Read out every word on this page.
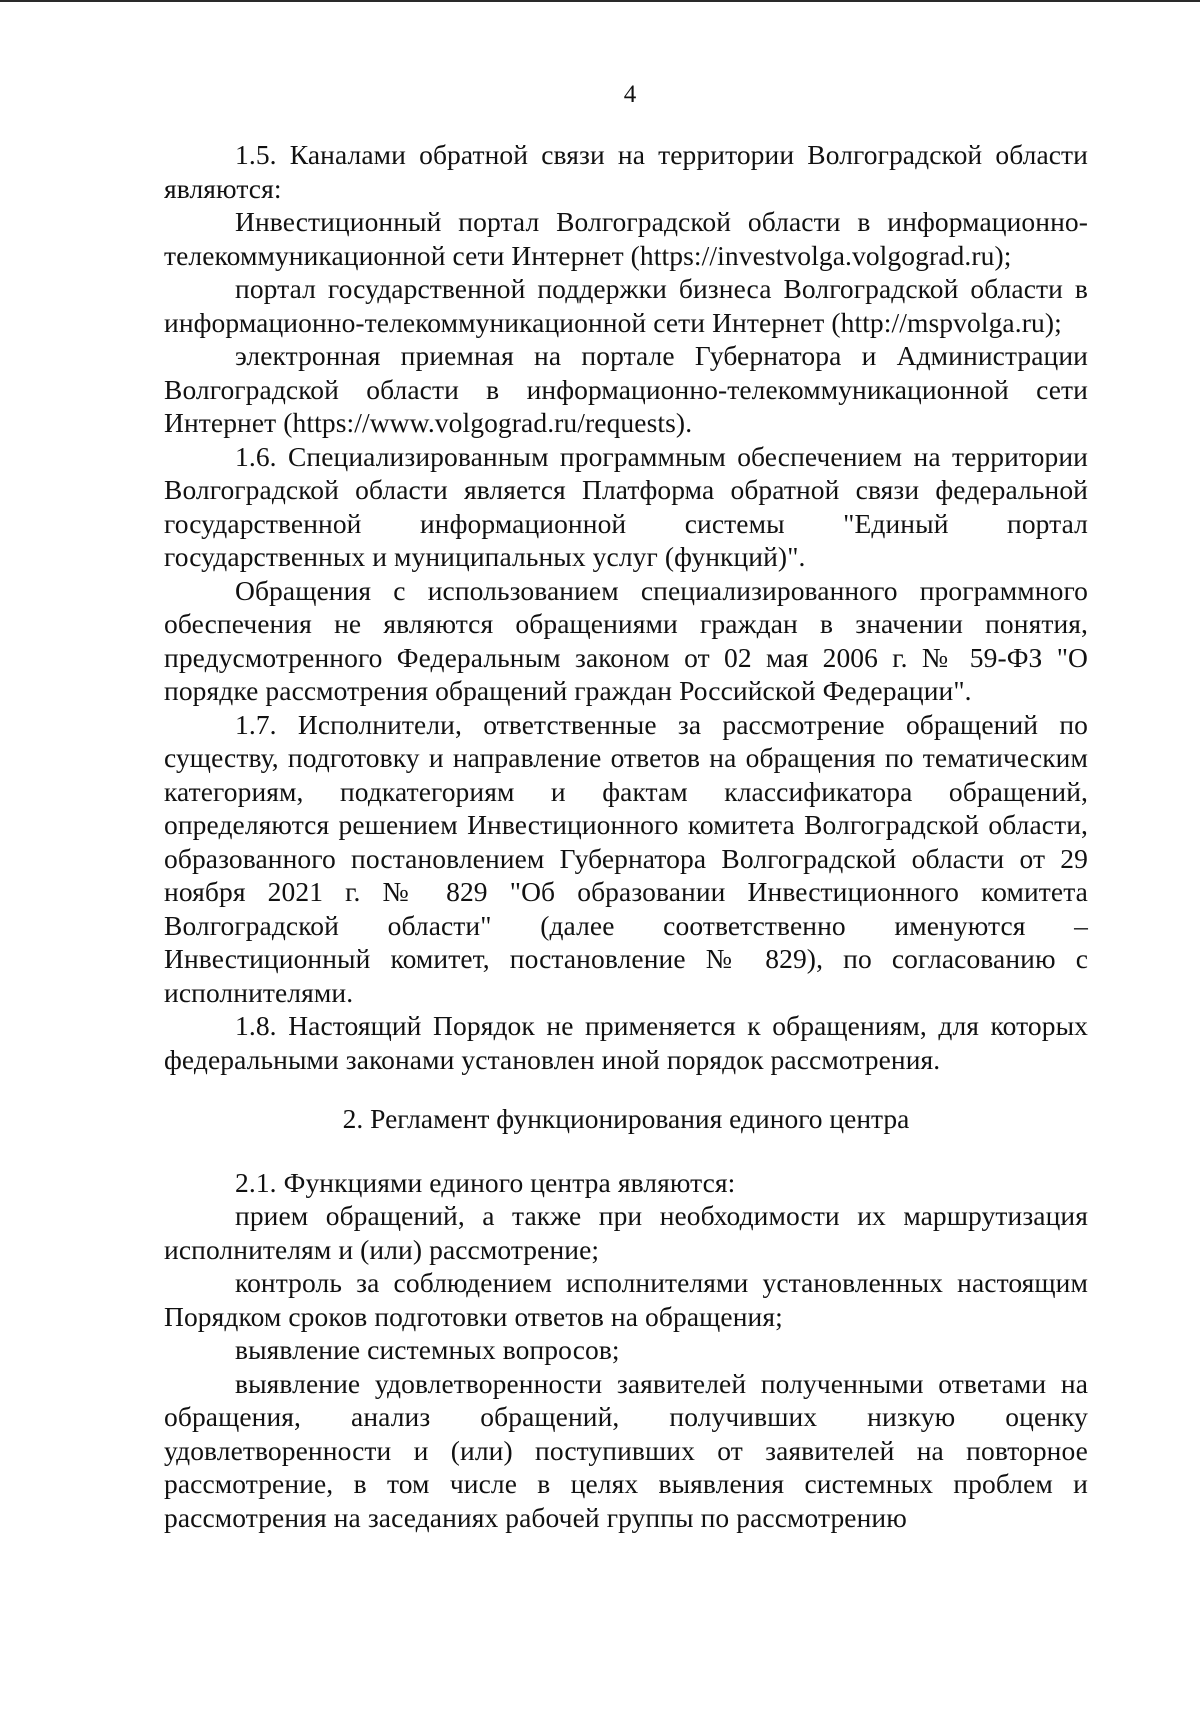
4

1.5. Каналами обратной связи на территории Волгоградской области являются:

Инвестиционный портал Волгоградской области в информационно-телекоммуникационной сети Интернет (https://investvolga.volgograd.ru);

портал государственной поддержки бизнеса Волгоградской области в информационно-телекоммуникационной сети Интернет (http://mspvolga.ru);

электронная приемная на портале Губернатора и Администрации Волгоградской области в информационно-телекоммуникационной сети Интернет (https://www.volgograd.ru/requests).

1.6. Специализированным программным обеспечением на территории Волгоградской области является Платформа обратной связи федеральной государственной информационной системы "Единый портал государственных и муниципальных услуг (функций)".

Обращения с использованием специализированного программного обеспечения не являются обращениями граждан в значении понятия, предусмотренного Федеральным законом от 02 мая 2006 г. № 59-ФЗ "О порядке рассмотрения обращений граждан Российской Федерации".

1.7. Исполнители, ответственные за рассмотрение обращений по существу, подготовку и направление ответов на обращения по тематическим категориям, подкатегориям и фактам классификатора обращений, определяются решением Инвестиционного комитета Волгоградской области, образованного постановлением Губернатора Волгоградской области от 29 ноября 2021 г. № 829 "Об образовании Инвестиционного комитета Волгоградской области" (далее соответственно именуются – Инвестиционный комитет, постановление № 829), по согласованию с исполнителями.

1.8. Настоящий Порядок не применяется к обращениям, для которых федеральными законами установлен иной порядок рассмотрения.

2. Регламент функционирования единого центра

2.1. Функциями единого центра являются:

прием обращений, а также при необходимости их маршрутизация исполнителям и (или) рассмотрение;

контроль за соблюдением исполнителями установленных настоящим Порядком сроков подготовки ответов на обращения;

выявление системных вопросов;

выявление удовлетворенности заявителей полученными ответами на обращения, анализ обращений, получивших низкую оценку удовлетворенности и (или) поступивших от заявителей на повторное рассмотрение, в том числе в целях выявления системных проблем и рассмотрения на заседаниях рабочей группы по рассмотрению
